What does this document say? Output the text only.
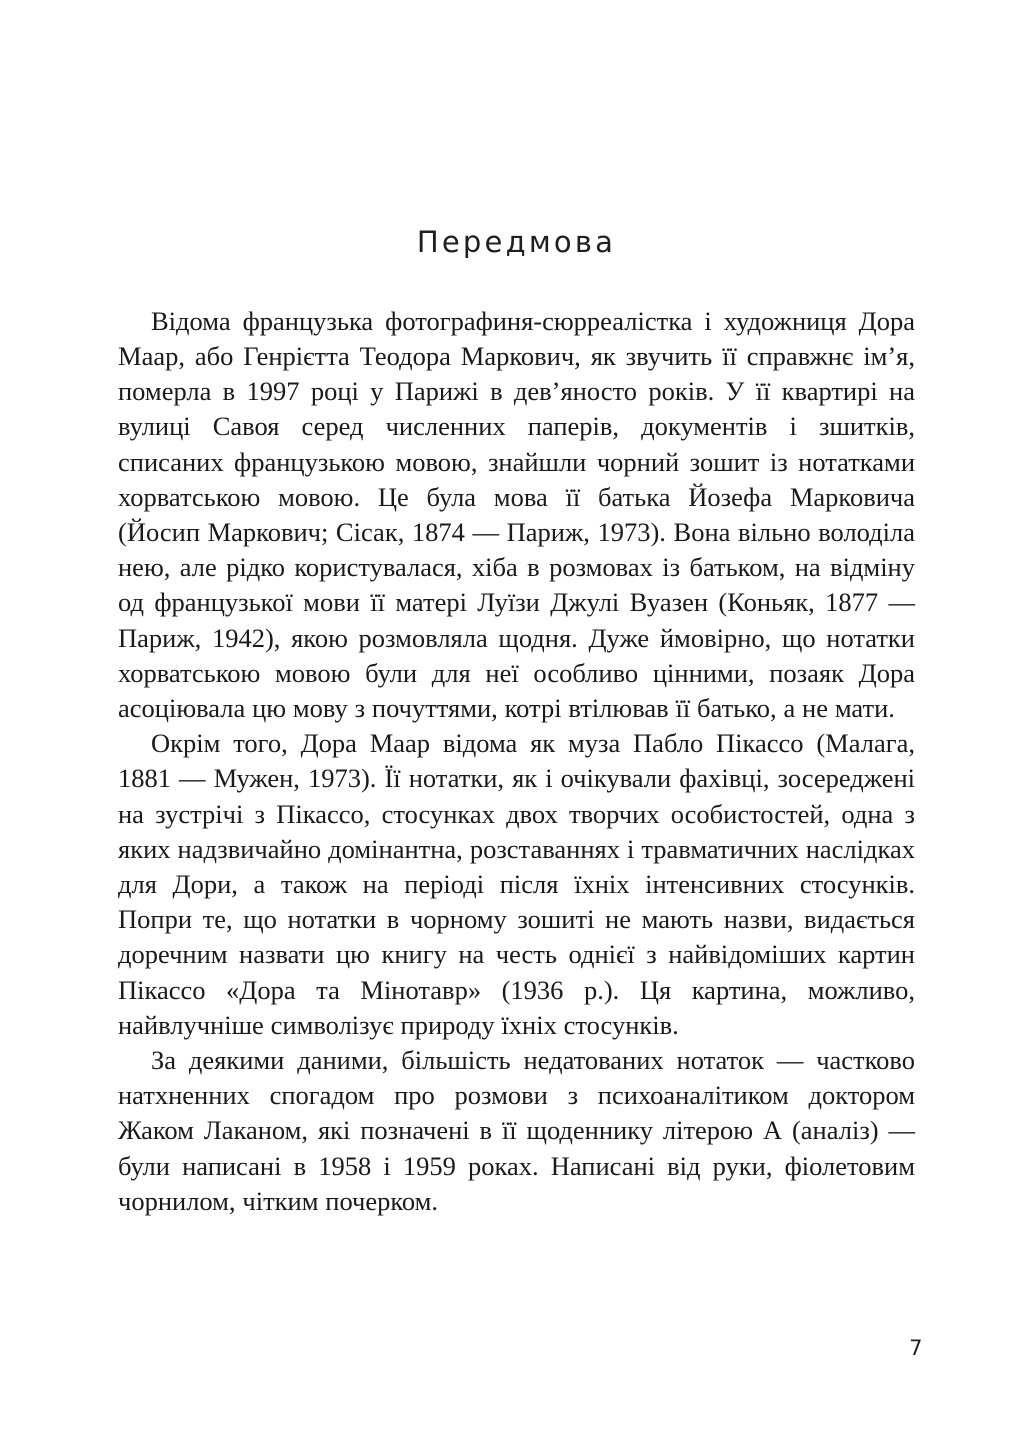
Передмова

Відома французька фотографиня-сюрреалістка і художниця Дора Маар, або Генрієтта Теодора Маркович, як звучить її справжнє ім’я, померла в 1997 році у Парижі в дев’яносто років. У її квартирі на вулиці Савоя серед численних паперів, документів і зшитків, списаних французькою мовою, знайшли чорний зошит із нотатками хорватською мовою. Це була мова її батька Йозефа Марковича (Йосип Маркович; Сісак, 1874 — Париж, 1973). Вона вільно володіла нею, але рідко користувалася, хіба в розмовах із батьком, на відміну од французької мови її матері Луїзи Джулі Вуазен (Коньяк, 1877 — Париж, 1942), якою розмовляла щодня. Дуже ймовірно, що нотатки хорватською мовою були для неї особливо цінними, позаяк Дора асоціювала цю мову з почуттями, котрі втілював її батько, а не мати.

Окрім того, Дора Маар відома як муза Пабло Пікассо (Малага, 1881 — Мужен, 1973). Її нотатки, як і очікували фахівці, зосереджені на зустрічі з Пікассо, стосунках двох творчих особистостей, одна з яких надзвичайно домінантна, розставаннях і травматичних наслідках для Дори, а також на періоді після їхніх інтенсивних стосунків. Попри те, що нотатки в чорному зошиті не мають назви, видається доречним назвати цю книгу на честь однієї з найвідоміших картин Пікассо «Дора та Мінотавр» (1936 р.). Ця картина, можливо, найвлучніше символізує природу їхніх стосунків.

За деякими даними, більшість недатованих нотаток — частково натхненних спогадом про розмови з психоаналітиком доктором Жаком Лаканом, які позначені в її щоденнику літерою А (аналіз) — були написані в 1958 і 1959 роках. Написані від руки, фіолетовим чорнилом, чітким почерком.

7
